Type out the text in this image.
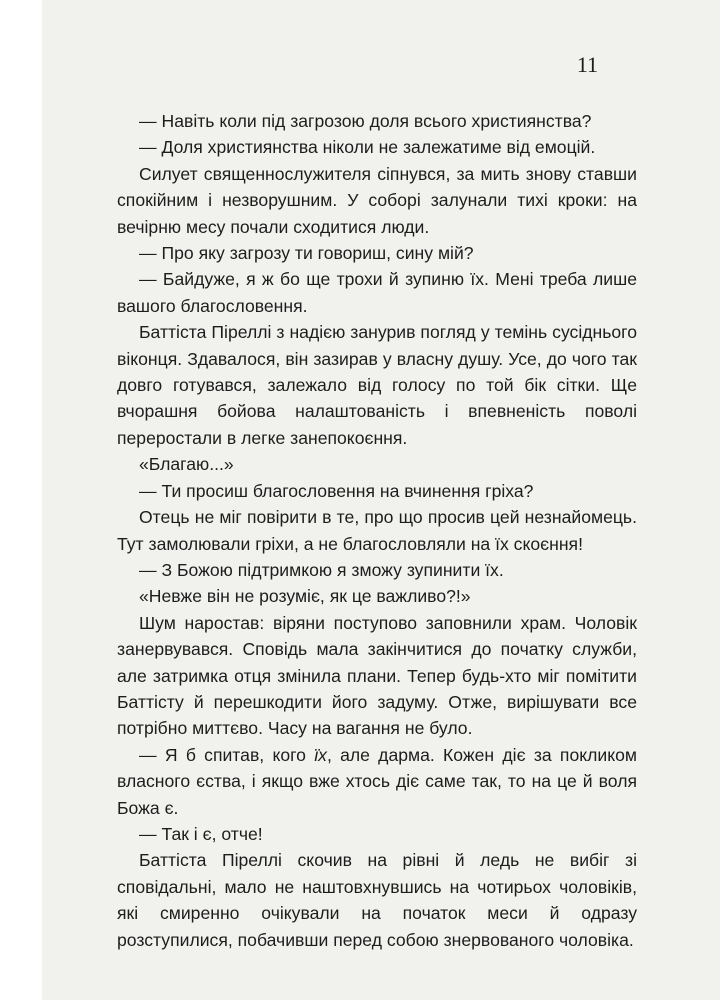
11

— Навіть коли під загрозою доля всього християнства?

— Доля християнства ніколи не залежатиме від емоцій.

Силует священнослужителя сіпнувся, за мить знову ставши спокійним і незворушним. У соборі залунали тихі кроки: на вечірню месу почали сходитися люди.

— Про яку загрозу ти говориш, сину мій?

— Байдуже, я ж бо ще трохи й зупиню їх. Мені треба лише вашого благословення.

Баттіста Піреллі з надією занурив погляд у темінь сусіднього віконця. Здавалося, він зазирав у власну душу. Усе, до чого так довго готувався, залежало від голосу по той бік сітки. Ще вчорашня бойова налаштованість і впевненість поволі переростали в легке занепокоєння.

«Благаю...»

— Ти просиш благословення на вчинення гріха?

Отець не міг повірити в те, про що просив цей незнайомець. Тут замолювали гріхи, а не благословляли на їх скоєння!

— З Божою підтримкою я зможу зупинити їх.

«Невже він не розуміє, як це важливо?!»

Шум наростав: віряни поступово заповнили храм. Чоловік занервувався. Сповідь мала закінчитися до початку служби, але затримка отця змінила плани. Тепер будь-хто міг помітити Баттісту й перешкодити його задуму. Отже, вирішувати все потрібно миттєво. Часу на вагання не було.

— Я б спитав, кого їх, але дарма. Кожен діє за покликом власного єства, і якщо вже хтось діє саме так, то на це й воля Божа є.

— Так і є, отче!

Баттіста Піреллі скочив на рівні й ледь не вибіг зі сповідальні, мало не наштовхнувшись на чотирьох чоловіків, які смиренно очікували на початок меси й одразу розступилися, побачивши перед собою знервованого чоловіка.
